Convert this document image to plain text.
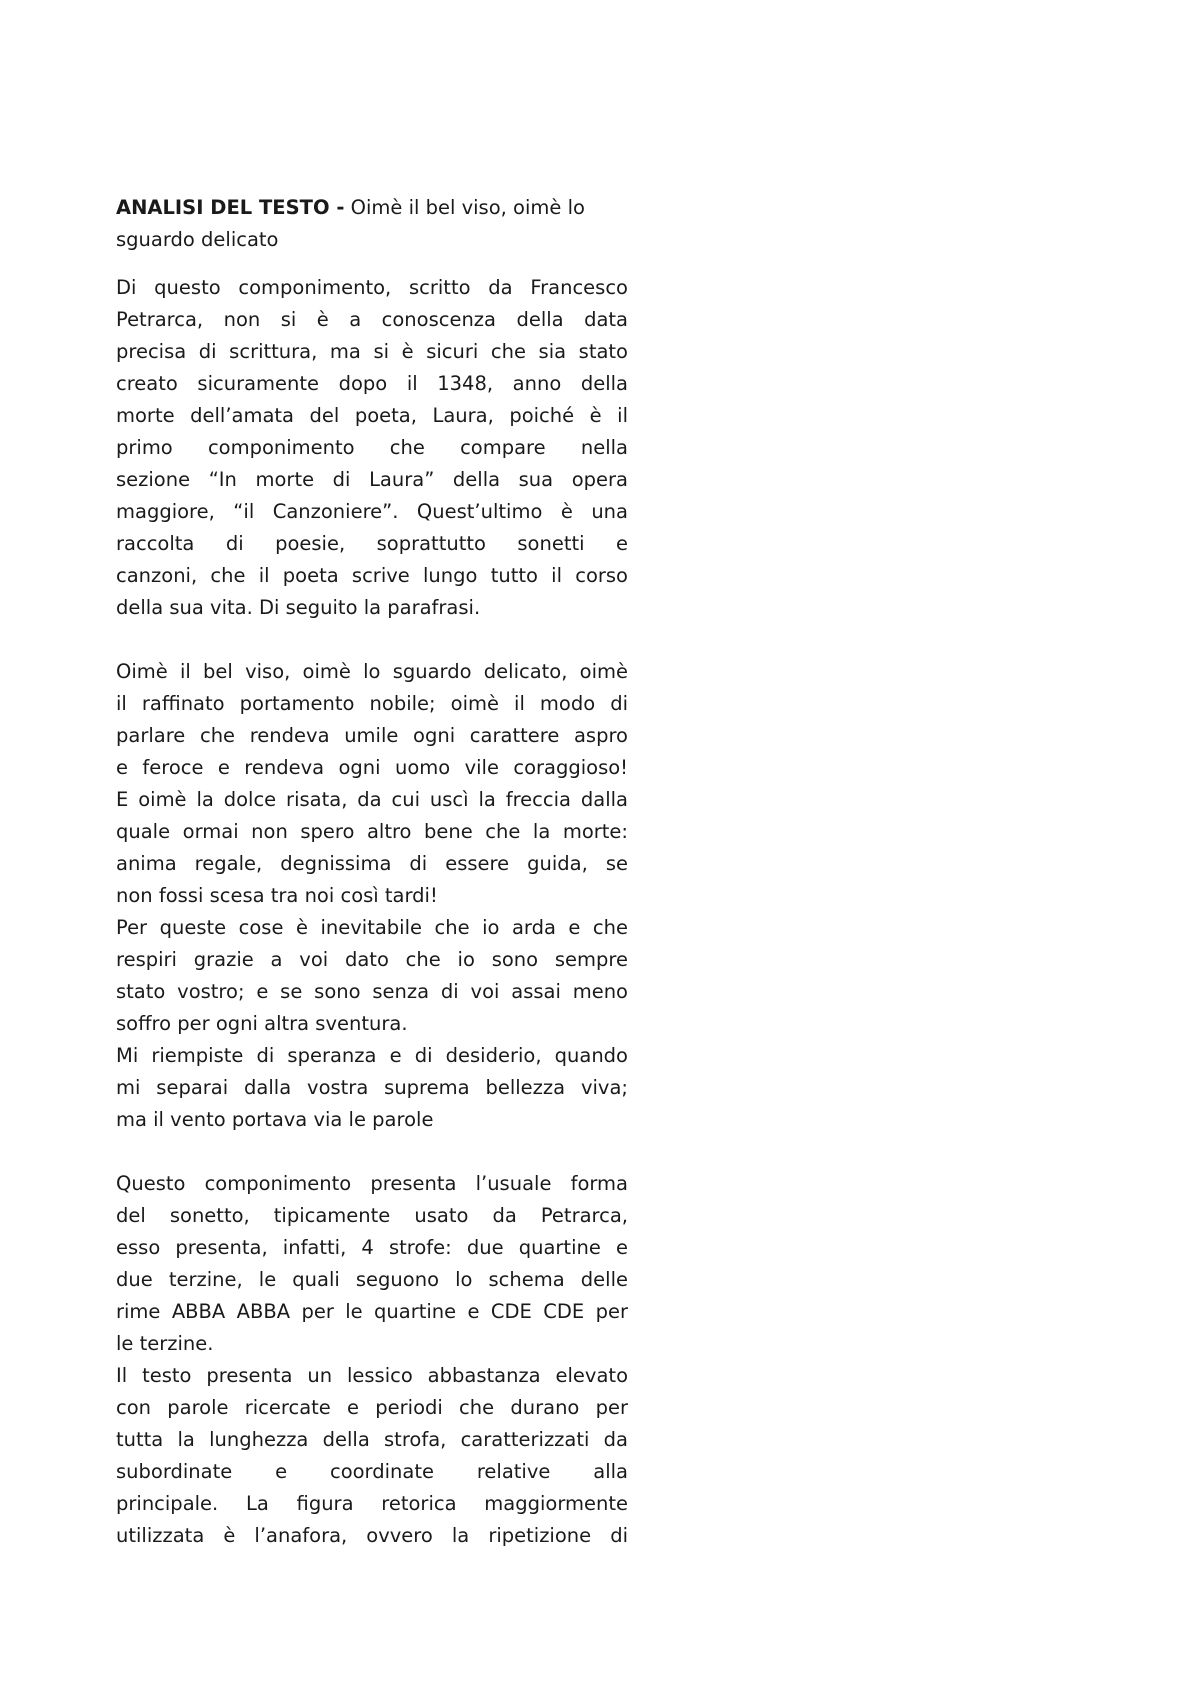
ANALISI DEL TESTO - Oimè il bel viso, oimè lo
sguardo delicato
Di questo componimento, scritto da Francesco
Petrarca, non si è a conoscenza della data
precisa di scrittura, ma si è sicuri che sia stato
creato sicuramente dopo il 1348, anno della
morte dell’amata del poeta, Laura, poiché è il
primo componimento che compare nella
sezione “In morte di Laura” della sua opera
maggiore, “il Canzoniere”. Quest’ultimo è una
raccolta di poesie, soprattutto sonetti e
canzoni, che il poeta scrive lungo tutto il corso
della sua vita. Di seguito la parafrasi.
Oimè il bel viso, oimè lo sguardo delicato, oimè
il raffinato portamento nobile; oimè il modo di
parlare che rendeva umile ogni carattere aspro
e feroce e rendeva ogni uomo vile coraggioso!
E oimè la dolce risata, da cui uscì la freccia dalla
quale ormai non spero altro bene che la morte:
anima regale, degnissima di essere guida, se
non fossi scesa tra noi così tardi!
Per queste cose è inevitabile che io arda e che
respiri grazie a voi dato che io sono sempre
stato vostro; e se sono senza di voi assai meno
soffro per ogni altra sventura.
Mi riempiste di speranza e di desiderio, quando
mi separai dalla vostra suprema bellezza viva;
ma il vento portava via le parole
Questo componimento presenta l’usuale forma
del sonetto, tipicamente usato da Petrarca,
esso presenta, infatti, 4 strofe: due quartine e
due terzine, le quali seguono lo schema delle
rime ABBA ABBA per le quartine e CDE CDE per
le terzine.
Il testo presenta un lessico abbastanza elevato
con parole ricercate e periodi che durano per
tutta la lunghezza della strofa, caratterizzati da
subordinate e coordinate relative alla
principale. La figura retorica maggiormente
utilizzata è l’anafora, ovvero la ripetizione di
